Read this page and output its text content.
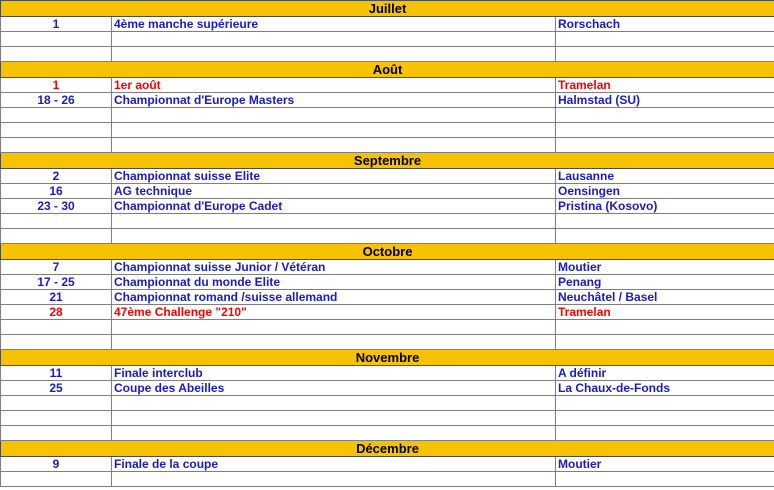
Juillet		
1	4ème manche supérieure	Rorschach

Août		
1	1er août	Tramelan
18 - 26	Championnat d'Europe Masters	Halmstad (SU)

Septembre		
2	Championnat suisse Elite	Lausanne
16	AG technique	Oensingen
23 - 30	Championnat d'Europe Cadet	Pristina (Kosovo)

Octobre		
7	Championnat suisse Junior / Vétéran	Moutier
17 - 25	Championnat du monde Elite	Penang
21	Championnat romand /suisse allemand	Neuchâtel / Basel
28	47ème Challenge "210"	Tramelan

Novembre		
11	Finale interclub	A définir
25	Coupe des Abeilles	La Chaux-de-Fonds

Décembre		
9	Finale de la coupe	Moutier
